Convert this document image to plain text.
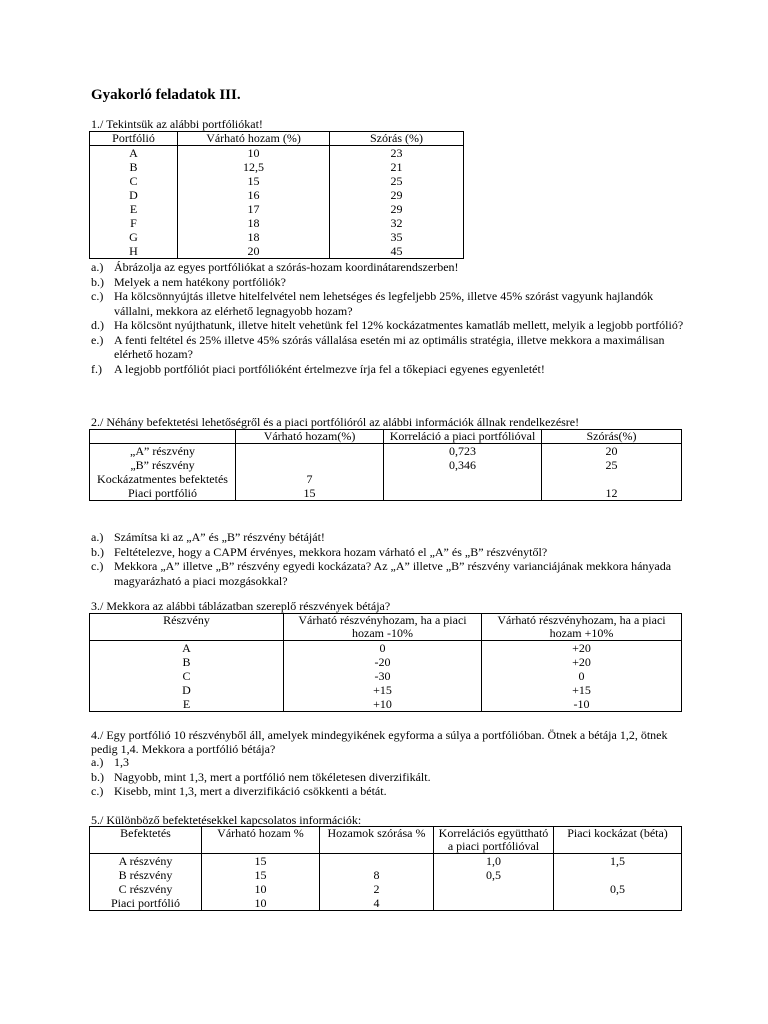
Gyakorló feladatok III.
1./ Tekintsük az alábbi portfóliókat!
Portfólió	Várható hozam (%)	Szórás (%)
A	10	23
B	12,5	21
C	15	25
D	16	29
E	17	29
F	18	32
G	18	35
H	20	45
a.) Ábrázolja az egyes portfóliókat a szórás-hozam koordinátarendszerben!
b.) Melyek a nem hatékony portfóliók?
c.) Ha kölcsönnyújtás illetve hitelfelvétel nem lehetséges és legfeljebb 25%, illetve 45% szórást vagyunk hajlandók vállalni, mekkora az elérhető legnagyobb hozam?
d.) Ha kölcsönt nyújthatunk, illetve hitelt vehetünk fel 12% kockázatmentes kamatláb mellett, melyik a legjobb portfólió?
e.) A fenti feltétel és 25% illetve 45% szórás vállalása esetén mi az optimális stratégia, illetve mekkora a maximálisan elérhető hozam?
f.) A legjobb portfóliót piaci portfólióként értelmezve írja fel a tőkepiaci egyenes egyenletét!
2./ Néhány befektetési lehetőségről és a piaci portfólióról az alábbi információk állnak rendelkezésre!
	Várható hozam(%)	Korreláció a piaci portfólióval	Szórás(%)
„A” részvény		0,723	20
„B” részvény		0,346	25
Kockázatmentes befektetés	7		
Piaci portfólió	15		12
a.) Számítsa ki az „A” és „B” részvény bétáját!
b.) Feltételezve, hogy a CAPM érvényes, mekkora hozam várható el „A” és „B” részvénytől?
c.) Mekkora „A” illetve „B” részvény egyedi kockázata? Az „A” illetve „B” részvény varianciájának mekkora hányada magyarázható a piaci mozgásokkal?
3./ Mekkora az alábbi táblázatban szereplő részvények bétája?
Részvény	Várható részvényhozam, ha a piaci hozam -10%	Várható részvényhozam, ha a piaci hozam +10%
A	0	+20
B	-20	+20
C	-30	0
D	+15	+15
E	+10	-10
4./ Egy portfólió 10 részvényből áll, amelyek mindegyikének egyforma a súlya a portfólióban. Ötnek a bétája 1,2, ötnek pedig 1,4. Mekkora a portfólió bétája?
a.) 1,3
b.) Nagyobb, mint 1,3, mert a portfólió nem tökéletesen diverzifikált.
c.) Kisebb, mint 1,3, mert a diverzifikáció csökkenti a bétát.
5./ Különböző befektetésekkel kapcsolatos információk:
Befektetés	Várható hozam %	Hozamok szórása %	Korrelációs együttható a piaci portfólióval	Piaci kockázat (béta)
A részvény	15		1,0	1,5
B részvény	15	8	0,5	
C részvény	10	2		0,5
Piaci portfólió	10	4		
